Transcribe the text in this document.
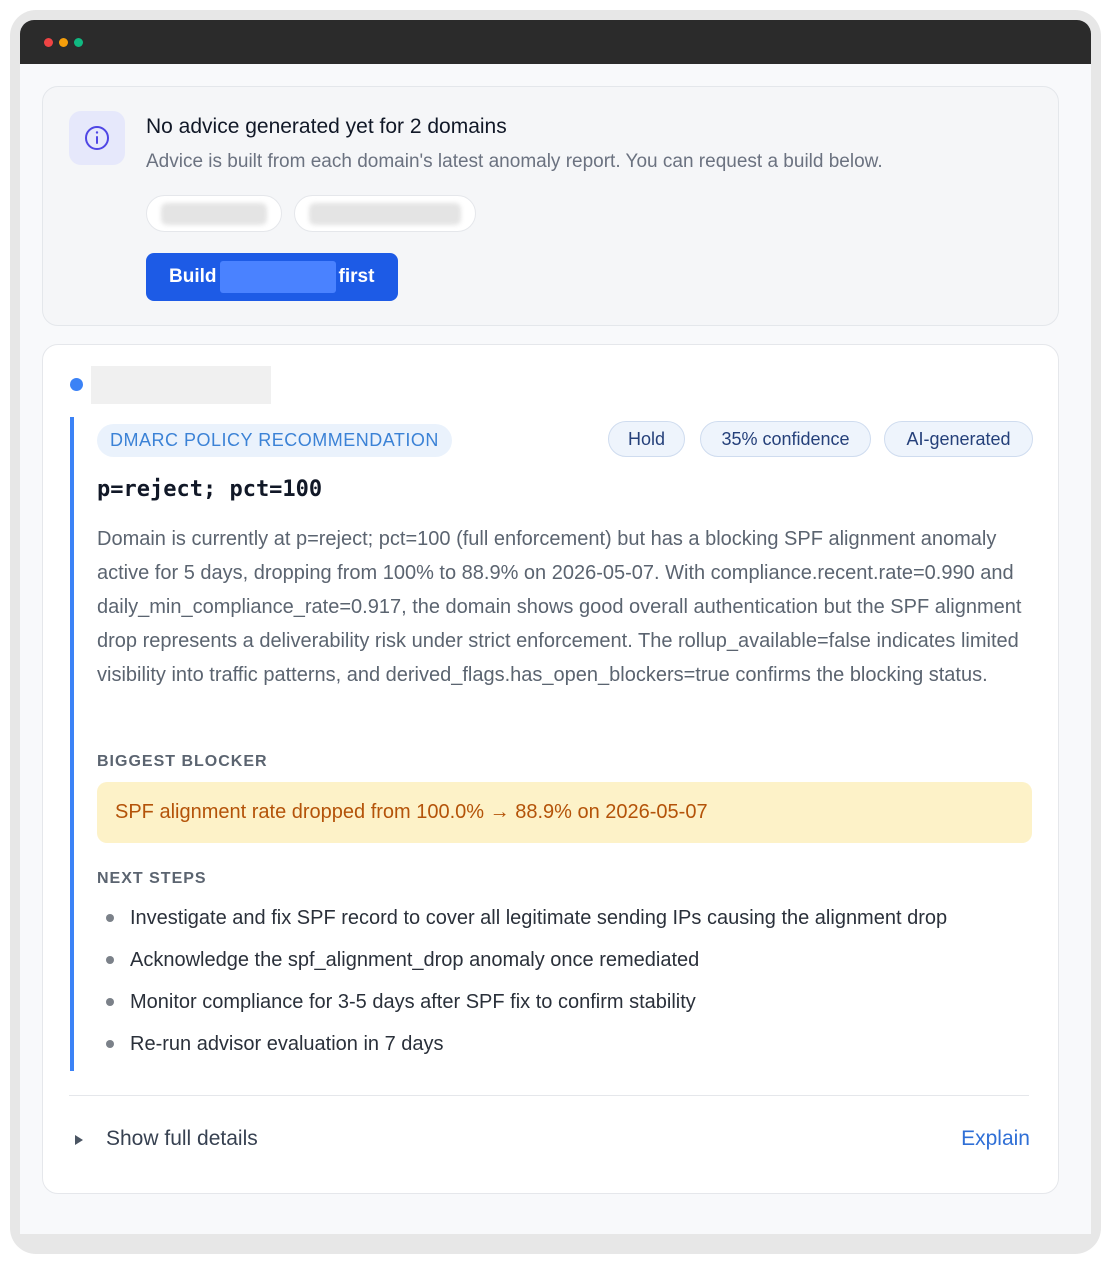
No advice generated yet for 2 domains
Advice is built from each domain's latest anomaly report. You can request a build below.
Build	first
DMARC POLICY RECOMMENDATION	Hold	35% confidence	AI-generated
p=reject; pct=100

Domain is currently at p=reject; pct=100 (full enforcement) but has a blocking SPF alignment anomaly active for 5 days, dropping from 100% to 88.9% on 2026-05-07. With compliance.recent.rate=0.990 and daily_min_compliance_rate=0.917, the domain shows good overall authentication but the SPF alignment drop represents a deliverability risk under strict enforcement. The rollup_available=false indicates limited visibility into traffic patterns, and derived_flags.has_open_blockers=true confirms the blocking status.

BIGGEST BLOCKER
SPF alignment rate dropped from 100.0% → 88.9% on 2026-05-07
NEXT STEPS
Investigate and fix SPF record to cover all legitimate sending IPs causing the alignment drop
Acknowledge the spf_alignment_drop anomaly once remediated
Monitor compliance for 3-5 days after SPF fix to confirm stability
Re-run advisor evaluation in 7 days
Show full details	Explain
